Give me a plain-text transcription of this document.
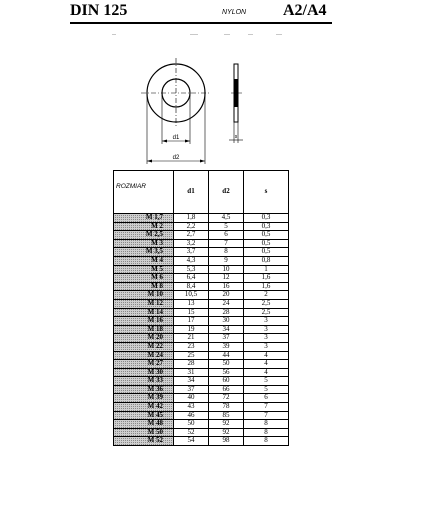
DIN 125	NYLON A2/A4
d1
d2
s
ROZMIAR	d1	d2	s
M 1,7	1,8	4,5	0,3
M 2	2,2	5	0,3
M 2,5	2,7	6	0,5
M 3	3,2	7	0,5
M 3,5	3,7	8	0,5
M 4	4,3	9	0,8
M 5	5,3	10	1
M 6	6,4	12	1,6
M 8	8,4	16	1,6
M 10	10,5	20	2
M 12	13	24	2,5
M 14	15	28	2,5
M 16	17	30	3
M 18	19	34	3
M 20	21	37	3
M 22	23	39	3
M 24	25	44	4
M 27	28	50	4
M 30	31	56	4
M 33	34	60	5
M 36	37	66	5
M 39	40	72	6
M 42	43	78	7
M 45	46	85	7
M 48	50	92	8
M 50	52	92	8
M 52	54	98	8
